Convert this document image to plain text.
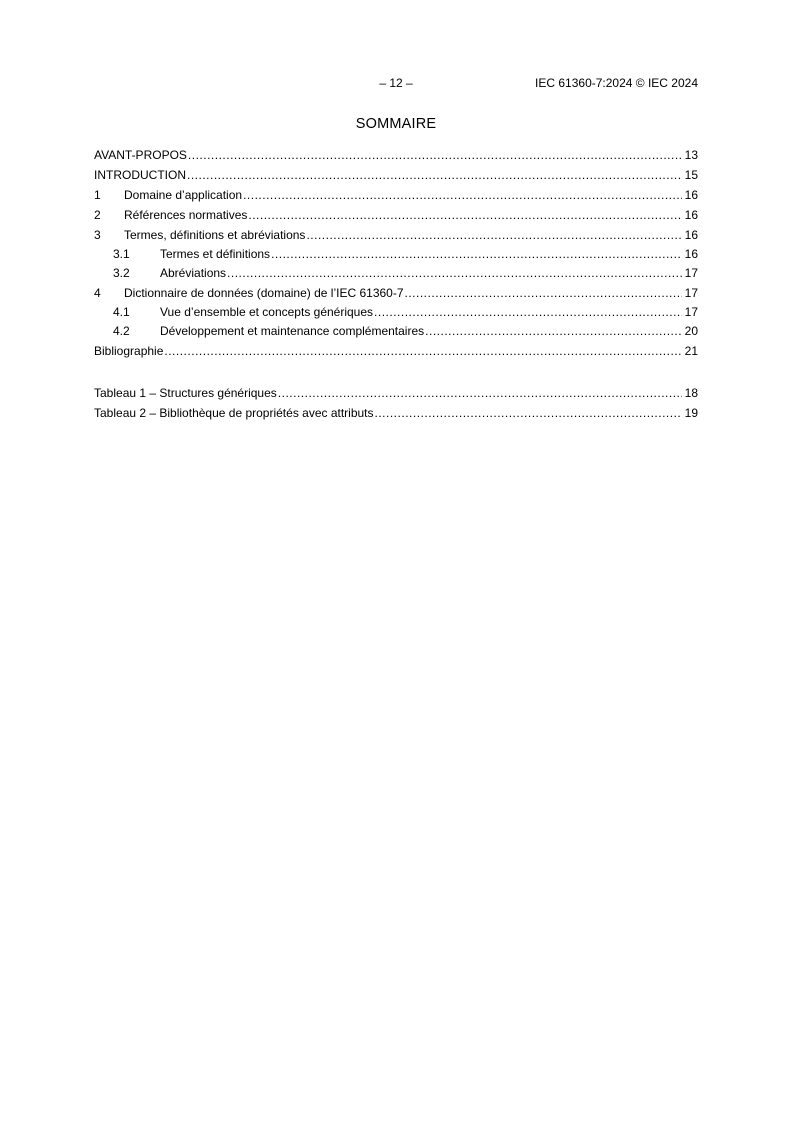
– 12 –	IEC 61360-7:2024 © IEC 2024
SOMMAIRE
AVANT-PROPOS .....	13
INTRODUCTION .....	15
1	Domaine d’application .....	16
2	Références normatives .....	16
3	Termes, définitions et abréviations .....	16
3.1	Termes et définitions .....	16
3.2	Abréviations .....	17
4	Dictionnaire de données (domaine) de l’IEC 61360-7 .....	17
4.1	Vue d’ensemble et concepts génériques .....	17
4.2	Développement et maintenance complémentaires .....	20
Bibliographie .....	21
Tableau 1 – Structures génériques .....	18
Tableau 2 – Bibliothèque de propriétés avec attributs .....	19
